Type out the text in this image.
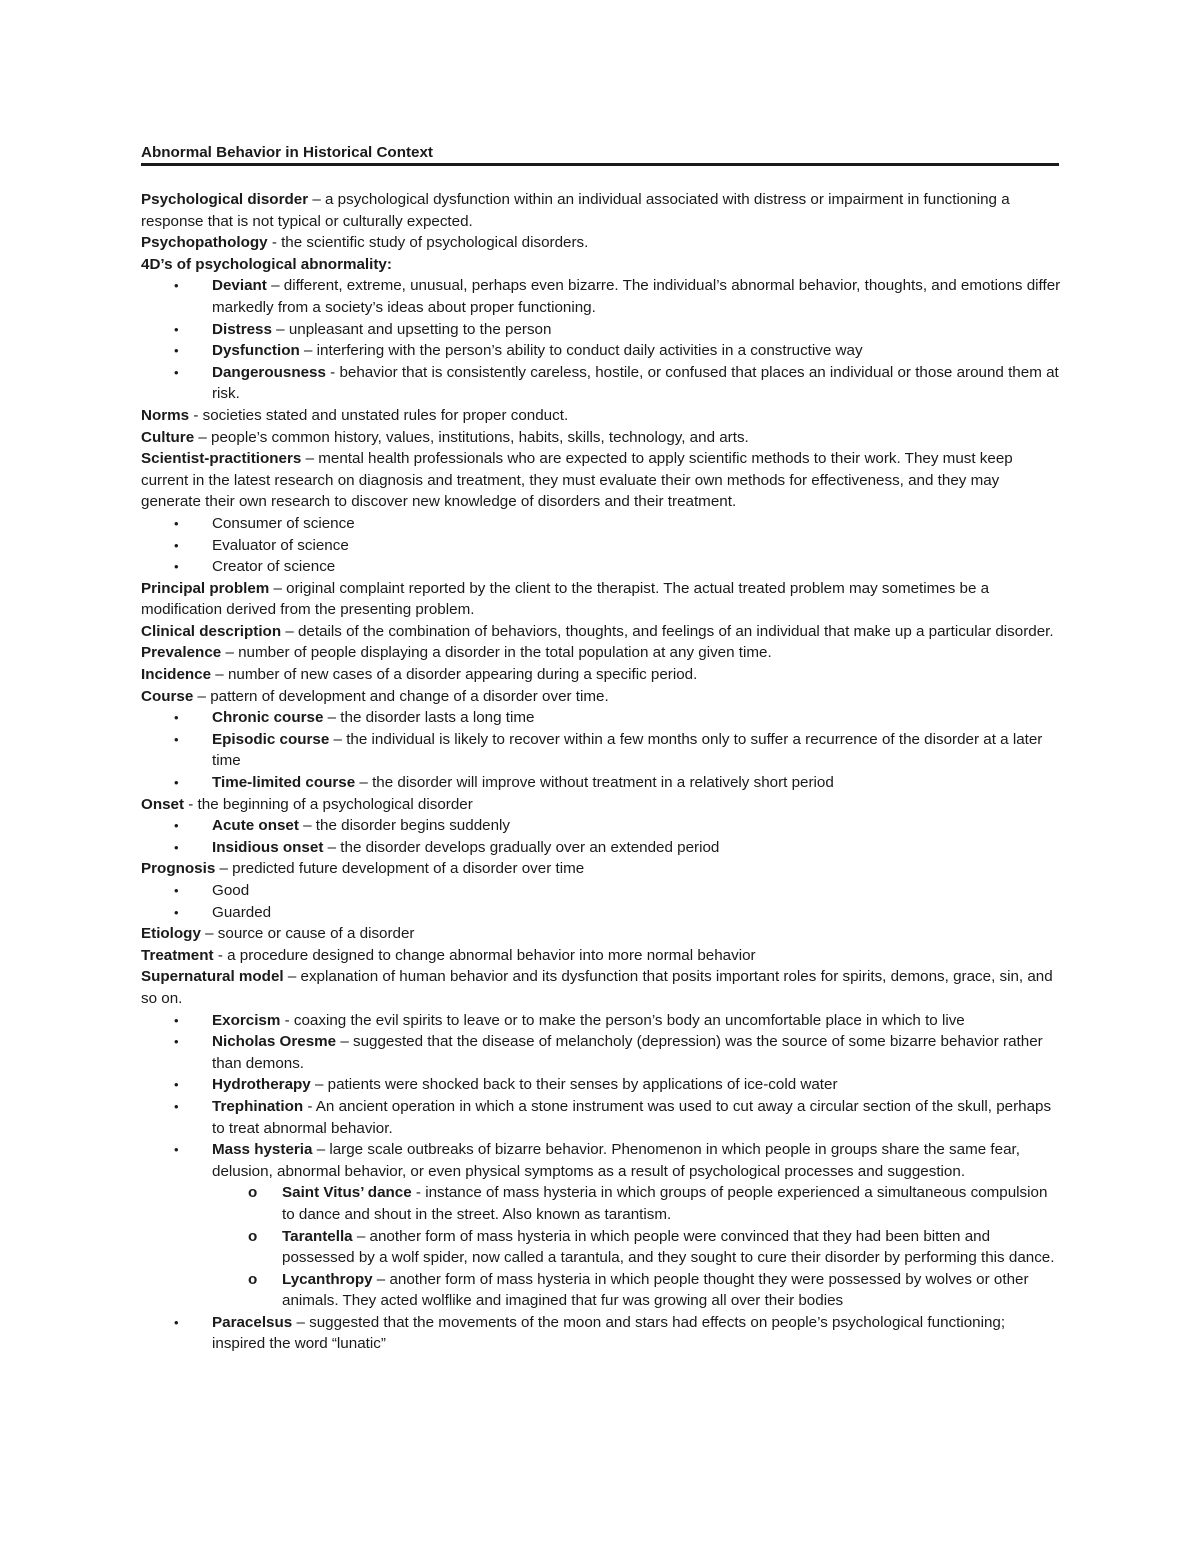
Abnormal Behavior in Historical Context

Psychological disorder – a psychological dysfunction within an individual associated with distress or impairment in functioning a response that is not typical or culturally expected.

Psychopathology - the scientific study of psychological disorders.

4D’s of psychological abnormality:

• Deviant – different, extreme, unusual, perhaps even bizarre. The individual’s abnormal behavior, thoughts, and emotions differ markedly from a society’s ideas about proper functioning.
• Distress – unpleasant and upsetting to the person
• Dysfunction – interfering with the person’s ability to conduct daily activities in a constructive way
• Dangerousness - behavior that is consistently careless, hostile, or confused that places an individual or those around them at risk.

Norms - societies stated and unstated rules for proper conduct.

Culture – people’s common history, values, institutions, habits, skills, technology, and arts.

Scientist-practitioners – mental health professionals who are expected to apply scientific methods to their work. They must keep current in the latest research on diagnosis and treatment, they must evaluate their own methods for effectiveness, and they may generate their own research to discover new knowledge of disorders and their treatment.

• Consumer of science
• Evaluator of science
• Creator of science

Principal problem – original complaint reported by the client to the therapist. The actual treated problem may sometimes be a modification derived from the presenting problem.

Clinical description – details of the combination of behaviors, thoughts, and feelings of an individual that make up a particular disorder.

Prevalence – number of people displaying a disorder in the total population at any given time.

Incidence – number of new cases of a disorder appearing during a specific period.

Course – pattern of development and change of a disorder over time.

• Chronic course – the disorder lasts a long time
• Episodic course – the individual is likely to recover within a few months only to suffer a recurrence of the disorder at a later time
• Time-limited course – the disorder will improve without treatment in a relatively short period

Onset - the beginning of a psychological disorder

• Acute onset – the disorder begins suddenly
• Insidious onset – the disorder develops gradually over an extended period

Prognosis – predicted future development of a disorder over time

• Good
• Guarded

Etiology – source or cause of a disorder

Treatment - a procedure designed to change abnormal behavior into more normal behavior

Supernatural model – explanation of human behavior and its dysfunction that posits important roles for spirits, demons, grace, sin, and so on.

• Exorcism - coaxing the evil spirits to leave or to make the person’s body an uncomfortable place in which to live
• Nicholas Oresme – suggested that the disease of melancholy (depression) was the source of some bizarre behavior rather than demons.
• Hydrotherapy – patients were shocked back to their senses by applications of ice-cold water
• Trephination - An ancient operation in which a stone instrument was used to cut away a circular section of the skull, perhaps to treat abnormal behavior.
• Mass hysteria – large scale outbreaks of bizarre behavior. Phenomenon in which people in groups share the same fear, delusion, abnormal behavior, or even physical symptoms as a result of psychological processes and suggestion.
o Saint Vitus’ dance - instance of mass hysteria in which groups of people experienced a simultaneous compulsion to dance and shout in the street. Also known as tarantism.
o Tarantella – another form of mass hysteria in which people were convinced that they had been bitten and possessed by a wolf spider, now called a tarantula, and they sought to cure their disorder by performing this dance.
o Lycanthropy – another form of mass hysteria in which people thought they were possessed by wolves or other animals. They acted wolflike and imagined that fur was growing all over their bodies
• Paracelsus – suggested that the movements of the moon and stars had effects on people’s psychological functioning; inspired the word “lunatic”
